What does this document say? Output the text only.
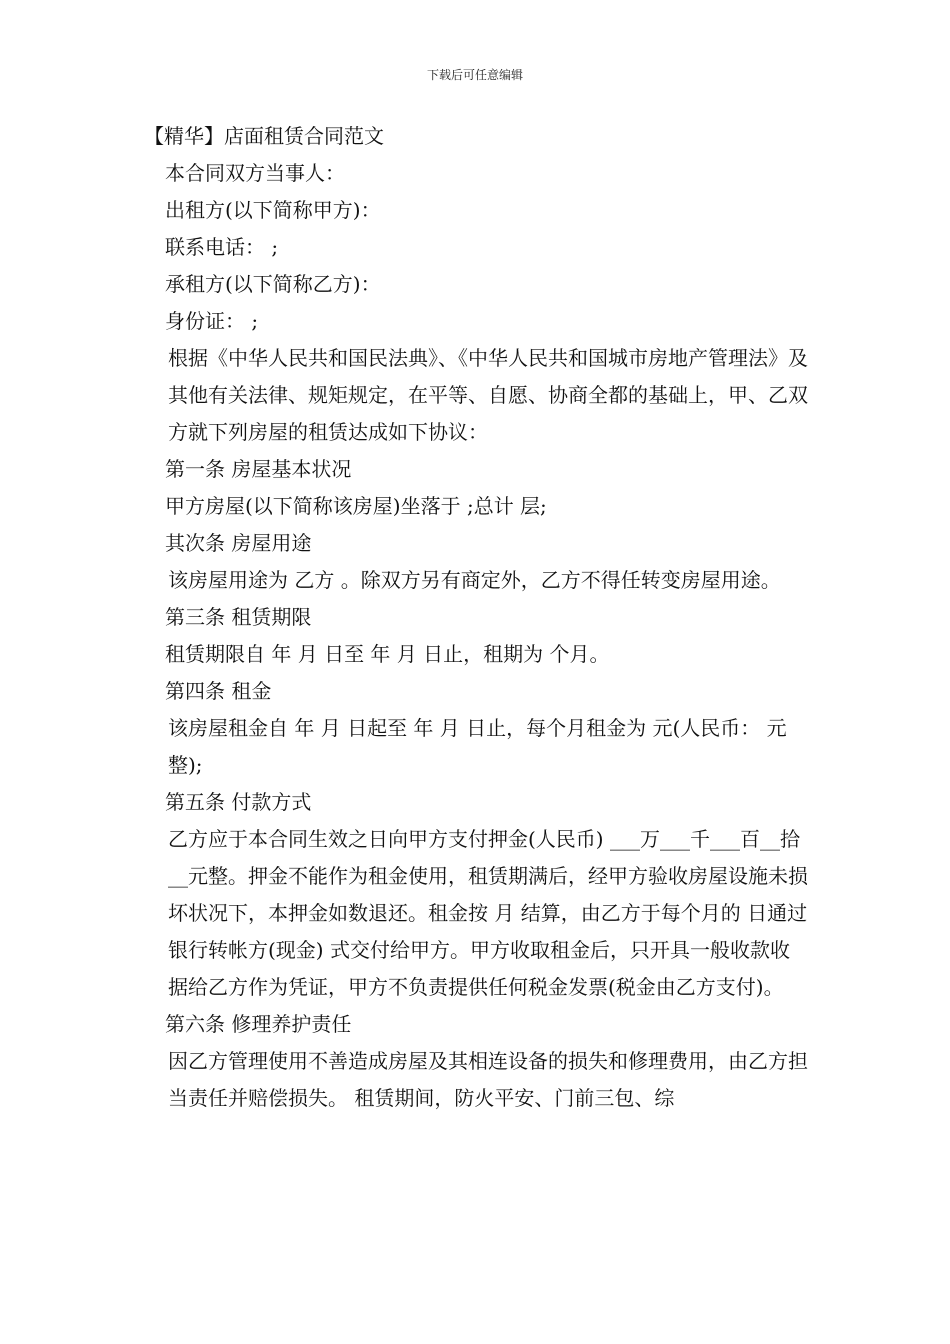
下载后可任意编辑

【精华】店面租赁合同范文

本合同双方当事人：

出租方(以下简称甲方)：

联系电话： ;

承租方(以下简称乙方)：

身份证： ;

根据《中华人民共和国民法典》、《中华人民共和国城市房地产管理法》及其他有关法律、规矩规定，在平等、自愿、协商全都的基础上，甲、乙双方就下列房屋的租赁达成如下协议：

第一条 房屋基本状况

甲方房屋(以下简称该房屋)坐落于 ;总计 层;

其次条 房屋用途

该房屋用途为 乙方 。除双方另有商定外，乙方不得任转变房屋用途。

第三条 租赁期限

租赁期限自 年 月 日至 年 月 日止，租期为 个月。

第四条 租金

该房屋租金自 年 月 日起至 年 月 日止，每个月租金为 元(人民币： 元整);

第五条 付款方式

乙方应于本合同生效之日向甲方支付押金(人民币) ___万___千___百__拾 __元整。押金不能作为租金使用，租赁期满后，经甲方验收房屋设施未损坏状况下，本押金如数退还。租金按 月 结算，由乙方于每个月的 日通过 银行转帐方(现金) 式交付给甲方。甲方收取租金后，只开具一般收款收据给乙方作为凭证，甲方不负责提供任何税金发票(税金由乙方支付)。

第六条 修理养护责任

因乙方管理使用不善造成房屋及其相连设备的损失和修理费用，由乙方担当责任并赔偿损失。 租赁期间，防火平安、门前三包、综
